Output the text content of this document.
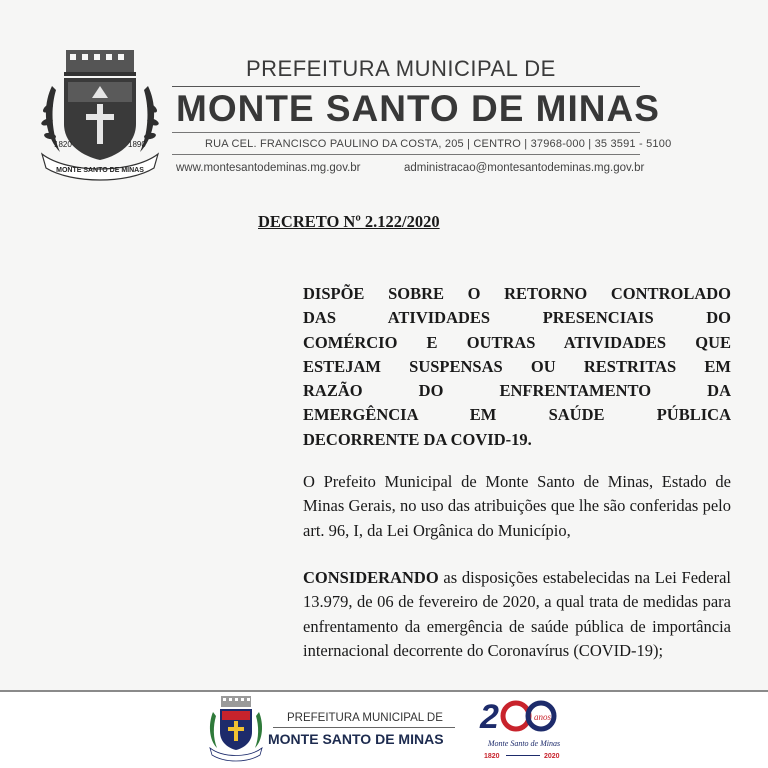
1820	1890
MONTE SANTO DE MINAS
PREFEITURA MUNICIPAL DE
MONTE SANTO DE MINAS
RUA CEL. FRANCISCO PAULINO DA COSTA, 205 | CENTRO | 37968-000 | 35 3591 - 5100
www.montesantodeminas.mg.gov.br	administracao@montesantodeminas.mg.gov.br
DECRETO Nº 2.122/2020
DISPÕE SOBRE O RETORNO CONTROLADO
DAS ATIVIDADES PRESENCIAIS DO
COMÉRCIO E OUTRAS ATIVIDADES QUE
ESTEJAM SUSPENSAS OU RESTRITAS EM
RAZÃO DO ENFRENTAMENTO DA
EMERGÊNCIA EM SAÚDE PÚBLICA
DECORRENTE DA COVID-19.
O Prefeito Municipal de Monte Santo de Minas, Estado de Minas Gerais, no uso das atribuições que lhe são conferidas pelo art. 96, I, da Lei Orgânica do Município,
CONSIDERANDO as disposições estabelecidas na Lei Federal 13.979, de 06 de fevereiro de 2020, a qual trata de medidas para enfrentamento da emergência de saúde pública de importância internacional decorrente do Coronavírus (COVID-19);
PREFEITURA MUNICIPAL DE
MONTE SANTO DE MINAS
2	anos
Monte Santo de Minas
1820	2020
